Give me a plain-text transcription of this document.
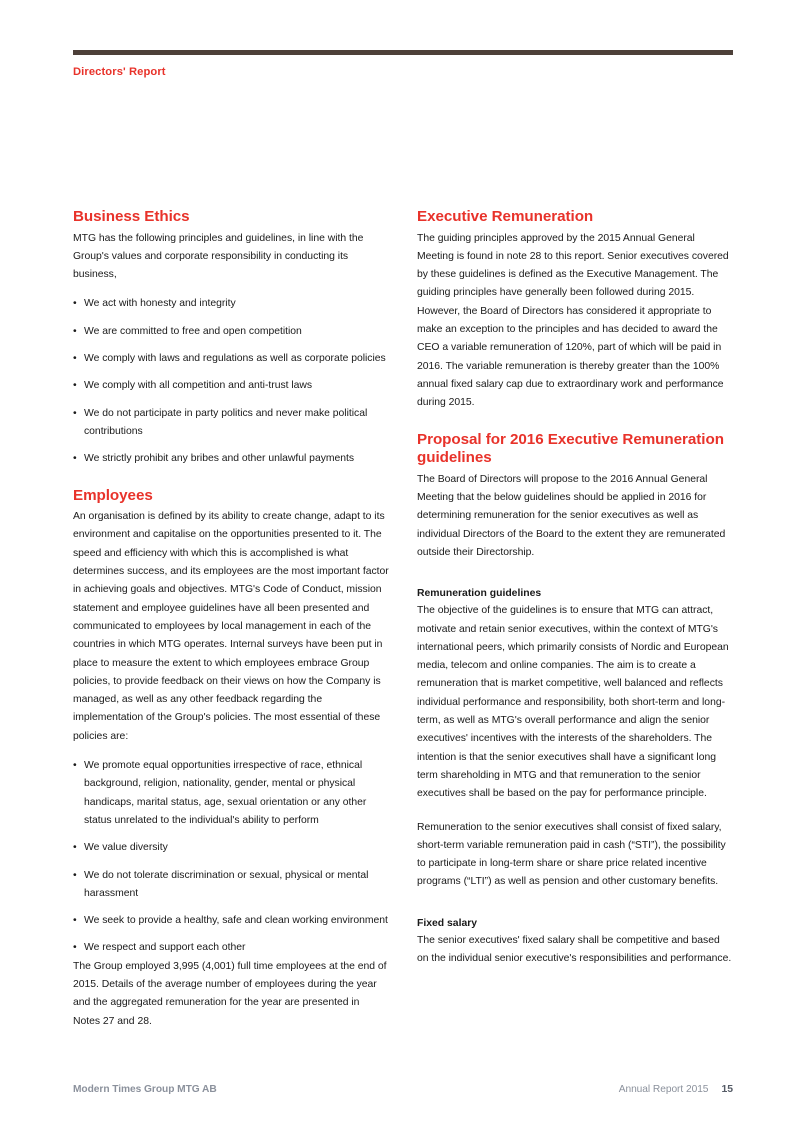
Directors' Report
Business Ethics

MTG has the following principles and guidelines, in line with the Group's values and corporate responsibility in conducting its business,

• We act with honesty and integrity
• We are committed to free and open competition
• We comply with laws and regulations as well as corporate policies
• We comply with all competition and anti-trust laws
• We do not participate in party politics and never make political contributions
• We strictly prohibit any bribes and other unlawful payments
Employees

An organisation is defined by its ability to create change, adapt to its environment and capitalise on the opportunities presented to it. The speed and efficiency with which this is accomplished is what determines success, and its employees are the most important factor in achieving goals and objectives. MTG's Code of Conduct, mission statement and employee guidelines have all been presented and communicated to employees by local management in each of the countries in which MTG operates. Internal surveys have been put in place to measure the extent to which employees embrace Group policies, to provide feedback on their views on how the Company is managed, as well as any other feedback regarding the implementation of the Group's policies. The most essential of these policies are:

• We promote equal opportunities irrespective of race, ethnical background, religion, nationality, gender, mental or physical handicaps, marital status, age, sexual orientation or any other status unrelated to the individual's ability to perform
• We value diversity
• We do not tolerate discrimination or sexual, physical or mental harassment
• We seek to provide a healthy, safe and clean working environment
• We respect and support each other

The Group employed 3,995 (4,001) full time employees at the end of 2015. Details of the average number of employees during the year and the aggregated remuneration for the year are presented in Notes 27 and 28.

Executive Remuneration

The guiding principles approved by the 2015 Annual General Meeting is found in note 28 to this report. Senior executives covered by these guidelines is defined as the Executive Management. The guiding principles have generally been followed during 2015. However, the Board of Directors has considered it appropriate to make an exception to the principles and has decided to award the CEO a variable remuneration of 120%, part of which will be paid in 2016. The variable remuneration is thereby greater than the 100% annual fixed salary cap due to extraordinary work and performance during 2015.

Proposal for 2016 Executive Remuneration guidelines

The Board of Directors will propose to the 2016 Annual General Meeting that the below guidelines should be applied in 2016 for determining remuneration for the senior executives as well as individual Directors of the Board to the extent they are remunerated outside their Directorship.

Remuneration guidelines

The objective of the guidelines is to ensure that MTG can attract, motivate and retain senior executives, within the context of MTG's international peers, which primarily consists of Nordic and European media, telecom and online companies. The aim is to create a remuneration that is market competitive, well balanced and reflects individual performance and responsibility, both short-term and long-term, as well as MTG's overall performance and align the senior executives' incentives with the interests of the shareholders. The intention is that the senior executives shall have a significant long term shareholding in MTG and that remuneration to the senior executives shall be based on the pay for performance principle.

Remuneration to the senior executives shall consist of fixed salary, short-term variable remuneration paid in cash (“STI”), the possibility to participate in long-term share or share price related incentive programs (“LTI”) as well as pension and other customary benefits.

Fixed salary

The senior executives' fixed salary shall be competitive and based on the individual senior executive's responsibilities and performance.

Modern Times Group MTG AB	Annual Report 2015 15
